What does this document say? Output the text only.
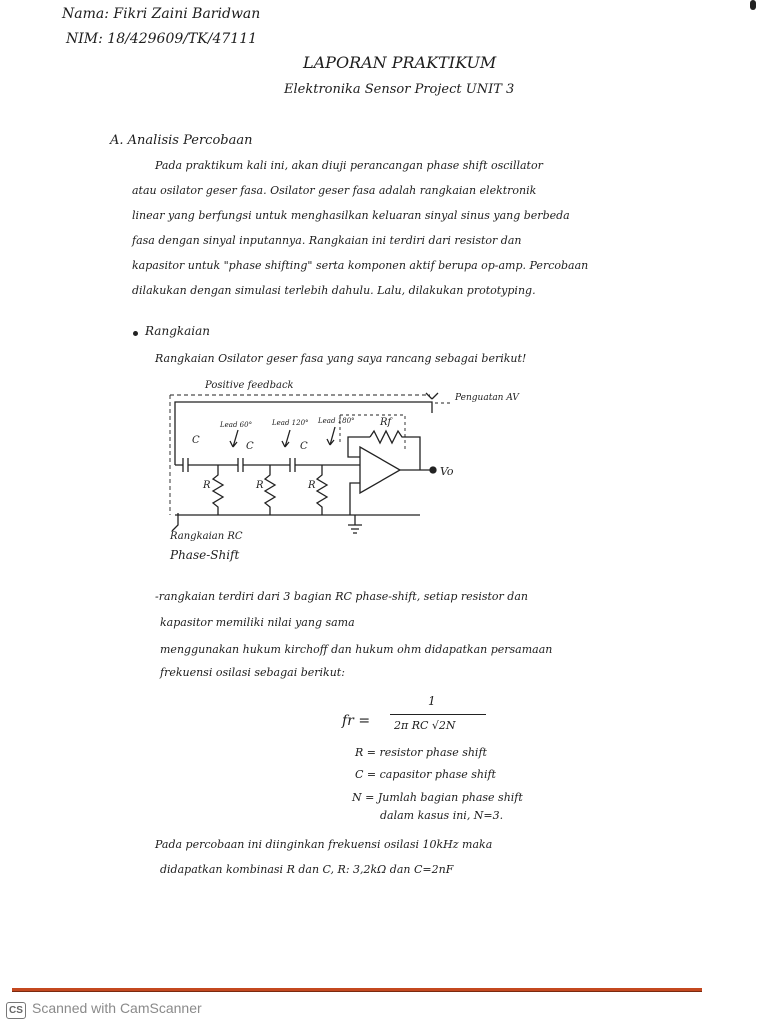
Nama: Fikri Zaini Baridwan
NIM: 18/429609/TK/47111
LAPORAN PRAKTIKUM
Elektronika Sensor Project UNIT 3
A. Analisis Percobaan
Pada praktikum kali ini, akan diuji perancangan phase shift oscillator
atau osilator geser fasa. Osilator geser fasa adalah rangkaian elektronik
linear yang berfungsi untuk menghasilkan keluaran sinyal sinus yang berbeda
fasa dengan sinyal inputannya. Rangkaian ini terdiri dari resistor dan
kapasitor untuk "phase shifting" serta komponen aktif berupa op-amp. Percobaan
dilakukan dengan simulasi terlebih dahulu. Lalu, dilakukan prototyping.
Rangkaian
Rangkaian Osilator geser fasa yang saya rancang sebagai berikut!
Positive feedback
Penguatan AV
Lead 60°	Lead 120° Lead 180°
C
C	C
R	R	R
Rf
Vo
Rangkaian RC
Phase-Shift
-rangkaian terdiri dari 3 bagian RC phase-shift, setiap resistor dan
kapasitor memiliki nilai yang sama
menggunakan hukum kirchoff dan hukum ohm didapatkan persamaan
frekuensi osilasi sebagai berikut:
fr =
1
2π RC √2N
R = resistor phase shift
C = capasitor phase shift
N = Jumlah bagian phase shift
dalam kasus ini, N=3.
Pada percobaan ini diinginkan frekuensi osilasi 10kHz maka
didapatkan kombinasi R dan C, R: 3,2kΩ dan C=2nF
CS Scanned with CamScanner
